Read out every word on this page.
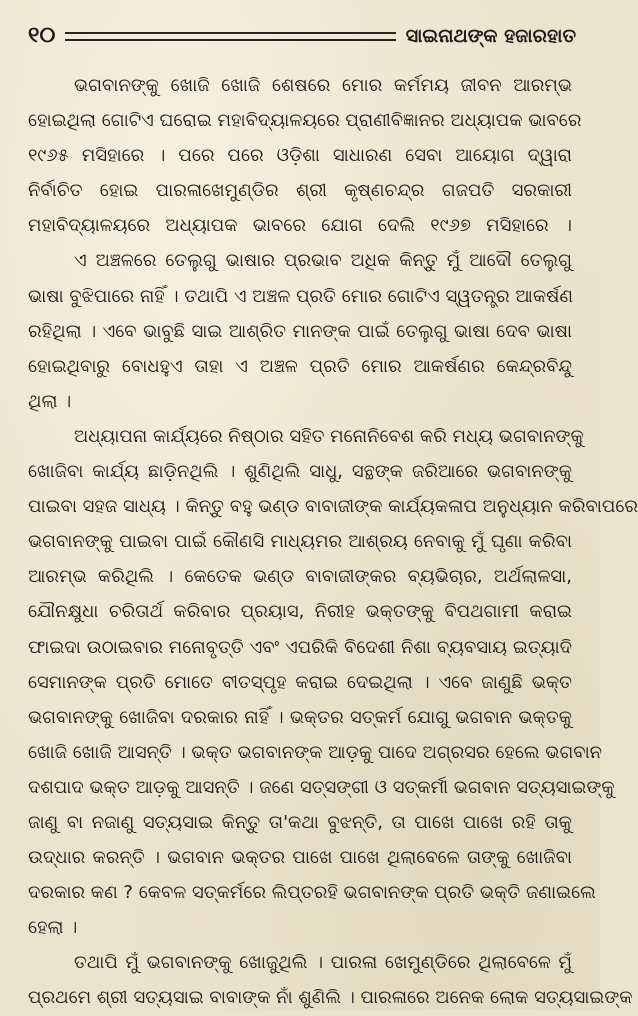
୧୦	ସାଇନାଥଙ୍କ ହଜାରହାତ
ଭଗବାନଙ୍କୁ ଖୋଜି ଖୋଜି ଶେଷରେ ମୋର କର୍ମମୟ ଜୀବନ ଆରମ୍ଭ
ହୋଇଥିଲା ଗୋଟିଏ ଘରୋଇ ମହାବିଦ୍ୟାଳୟରେ ପ୍ରାଣୀବିଜ୍ଞାନର ଅଧ୍ୟାପକ ଭାବରେ
୧୯୬୫ ମସିହାରେ । ପରେ ପରେ ଓଡ଼ିଶା ସାଧାରଣ ସେବା ଆୟୋଗ ଦ୍ୱାରା
ନିର୍ବାଚିତ ହୋଇ ପାରଳାଖେମୁଣ୍ଡିର ଶ୍ରୀ କୃଷ୍ଣଚନ୍ଦ୍ର ଗଜପତି ସରକାରୀ
ମହାବିଦ୍ୟାଳୟରେ ଅଧ୍ୟାପକ ଭାବରେ ଯୋଗ ଦେଲି ୧୯୬୭ ମସିହାରେ ।
ଏ ଅଞ୍ଚଳରେ ତେଲୁଗୁ ଭାଷାର ପ୍ରଭାବ ଅଧିକ କିନ୍ତୁ ମୁଁ ଆଦୌ ତେଲୁଗୁ
ଭାଷା ବୁଝିପାରେ ନାହିଁ । ତଥାପି ଏ ଅଞ୍ଚଳ ପ୍ରତି ମୋର ଗୋଟିଏ ସ୍ୱତନ୍ତ୍ର ଆକର୍ଷଣ
ରହିଥିଲା । ଏବେ ଭାବୁଛି ସାଇ ଆଶ୍ରିତ ମାନଙ୍କ ପାଇଁ ତେଲୁଗୁ ଭାଷା ଦେବ ଭାଷା
ହୋଇଥିବାରୁ ବୋଧହୁଏ ତାହା ଏ ଅଞ୍ଚଳ ପ୍ରତି ମୋର ଆକର୍ଷଣର କେନ୍ଦ୍ରବିନ୍ଦୁ
ଥିଲା ।
ଅଧ୍ୟାପନା କାର୍ଯ୍ୟରେ ନିଷ୍ଠାର ସହିତ ମନୋନିବେଶ କରି ମଧ୍ୟ ଭଗବାନଙ୍କୁ
ଖୋଜିବା କାର୍ଯ୍ୟ ଛାଡ଼ିନଥିଲି । ଶୁଣିଥିଲି ସାଧୁ, ସନ୍ଥଙ୍କ ଜରିଆରେ ଭଗବାନଙ୍କୁ
ପାଇବା ସହଜ ସାଧ୍ୟ । କିନ୍ତୁ ବହୁ ଭଣ୍ଡ ବାବାଜୀଙ୍କ କାର୍ଯ୍ୟକଳାପ ଅନୁଧ୍ୟାନ କରିବାପରେ
ଭଗବାନଙ୍କୁ ପାଇବା ପାଇଁ କୌଣସି ମାଧ୍ୟମର ଆଶ୍ରୟ ନେବାକୁ ମୁଁ ଘୃଣା କରିବା
ଆରମ୍ଭ କରିଥିଲି । କେତେକ ଭଣ୍ଡ ବାବାଜୀଙ୍କର ବ୍ୟଭିଚାର, ଅର୍ଥଲାଳସା,
ଯୌନକ୍ଷୁଧା ଚରିତାର୍ଥ କରିବାର ପ୍ରୟାସ, ନିରୀହ ଭକ୍ତଙ୍କୁ ବିପଥଗାମୀ କରାଇ
ଫାଇଦା ଉଠାଇବାର ମନୋବୃତ୍ତି ଏବଂ ଏପରିକି ବିଦେଶୀ ନିଶା ବ୍ୟବସାୟ ଇତ୍ୟାଦି
ସେମାନଙ୍କ ପ୍ରତି ମୋତେ ବୀତସ୍ପୃହ କରାଇ ଦେଇଥିଲା । ଏବେ ଜାଣୁଛି ଭକ୍ତ
ଭଗବାନଙ୍କୁ ଖୋଜିବା ଦରକାର ନାହିଁ । ଭକ୍ତର ସତ୍‌କର୍ମ ଯୋଗୁ ଭଗବାନ ଭକ୍ତକୁ
ଖୋଜି ଖୋଜି ଆସନ୍ତି । ଭକ୍ତ ଭଗବାନଙ୍କ ଆଡ଼କୁ ପାଦେ ଅଗ୍ରସର ହେଲେ ଭଗବାନ
ଦଶପାଦ ଭକ୍ତ ଆଡ଼କୁ ଆସନ୍ତି । ଜଣେ ସତ୍‌ସଙ୍ଗୀ ଓ ସତ୍‌କର୍ମୀ ଭଗବାନ ସତ୍ୟସାଇଙ୍କୁ
ଜାଣୁ ବା ନଜାଣୁ ସତ୍ୟସାଇ କିନ୍ତୁ ତା'କଥା ବୁଝନ୍ତି, ତା ପାଖେ ପାଖେ ରହି ତାକୁ
ଉଦ୍ଧାର କରନ୍ତି । ଭଗବାନ ଭକ୍ତର ପାଖେ ପାଖେ ଥିଲାବେଳେ ତାଙ୍କୁ ଖୋଜିବା
ଦରକାର କଣ ? କେବଳ ସତ୍‌କର୍ମରେ ଲିପ୍ତରହି ଭଗବାନଙ୍କ ପ୍ରତି ଭକ୍ତି ଜଣାଇଲେ
ହେଲା ।
ତଥାପି ମୁଁ ଭଗବାନଙ୍କୁ ଖୋଜୁଥିଲି । ପାରଳା ଖେମୁଣ୍ଡିରେ ଥିଲାବେଳେ ମୁଁ
ପ୍ରଥମେ ଶ୍ରୀ ସତ୍ୟସାଇ ବାବାଙ୍କ ନାଁ ଶୁଣିଲି । ପାରଳାରେ ଅନେକ ଲୋକ ସତ୍ୟସାଇଙ୍କ
